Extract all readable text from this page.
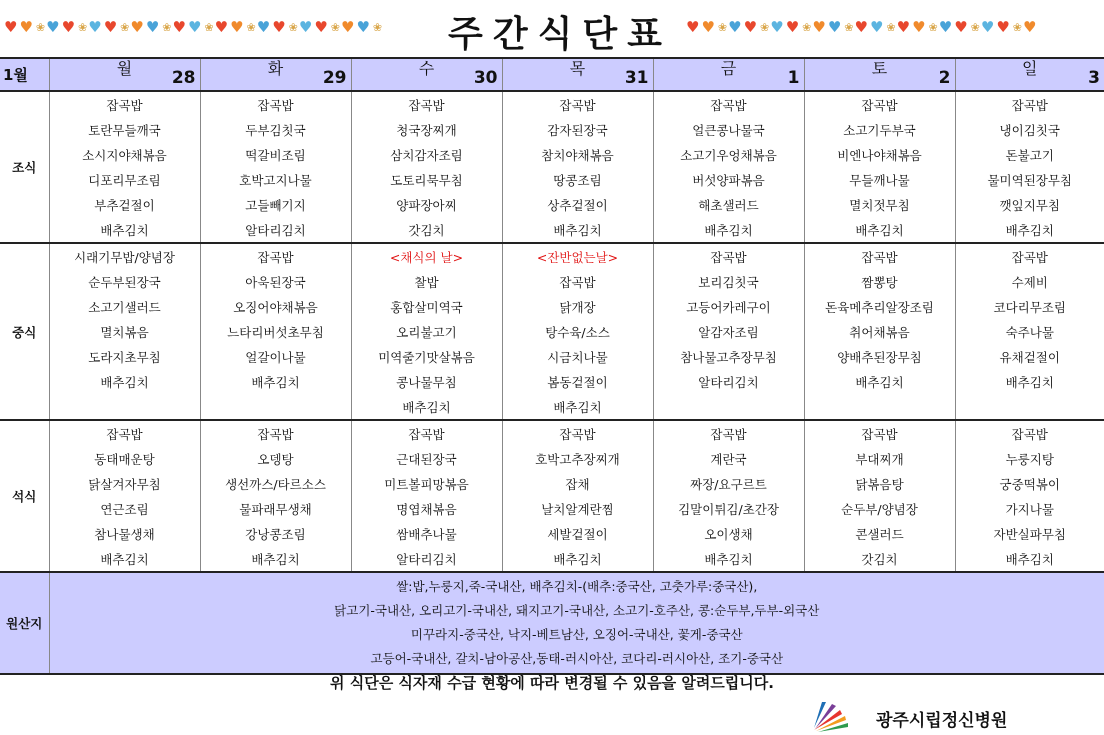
♥ ♥ ❀ ♥ ♥ ❀ ♥ ♥ ❀ ♥ ♥ ❀ ♥ ♥ ❀ ♥ ♥ ❀ ♥ ♥ ❀ ♥ ♥ ❀ ♥ ♥ ❀ 주간식단표 ♥ ♥ ❀ ♥ ♥ ❀ ♥ ♥ ❀ ♥ ♥ ❀ ♥ ♥ ❀ ♥ ♥ ❀ ♥ ♥ ❀ ♥ ♥ ❀ ♥
1월	월 28	화 29	수 30	목 31	금 1	토 2	일 3

조식	잡곡밥	잡곡밥	잡곡밥	잡곡밥	잡곡밥	잡곡밥	잡곡밥
	토란무들깨국	두부김칫국	청국장찌개	감자된장국	얼큰콩나물국	소고기두부국	냉이김칫국
	소시지야채볶음	떡갈비조림	삼치감자조림	참치야채볶음	소고기우엉채볶음	비엔나야채볶음	돈불고기
	디포리무조림	호박고지나물	도토리묵무침	땅콩조림	버섯양파볶음	무들깨나물	물미역된장무침
	부추겉절이	고들빼기지	양파장아찌	상추겉절이	해초샐러드	멸치젓무침	깻잎지무침
	배추김치	알타리김치	갓김치	배추김치	배추김치	배추김치	배추김치
중식	시래기무밥/양념장	잡곡밥	<채식의 날>	<잔반없는날>	잡곡밥	잡곡밥	잡곡밥
	순두부된장국	아욱된장국	찰밥	잡곡밥	보리김칫국	짬뽕탕	수제비
	소고기샐러드	오징어야채볶음	홍합살미역국	닭개장	고등어카레구이	돈육메추리알장조림	코다리무조림
	멸치볶음	느타리버섯초무침	오리불고기	탕수육/소스	알감자조림	취어채볶음	숙주나물
	도라지초무침	얼갈이나물	미역줄기맛살볶음	시금치나물	참나물고추장무침	양배추된장무침	유채겉절이
	배추김치	배추김치	콩나물무침	봄동겉절이	알타리김치	배추김치	배추김치
			배추김치	배추김치			
석식	잡곡밥	잡곡밥	잡곡밥	잡곡밥	잡곡밥	잡곡밥	잡곡밥
	동태매운탕	오뎅탕	근대된장국	호박고추장찌개	계란국	부대찌개	누룽지탕
	닭살겨자무침	생선까스/타르소스	미트볼피망볶음	잡채	짜장/요구르트	닭볶음탕	궁중떡볶이
	연근조림	물파래무생채	명엽채볶음	날치알계란찜	김말이튀김/초간장	순두부/양념장	가지나물
	참나물생채	강낭콩조림	쌈배추나물	세발겉절이	오이생채	콘샐러드	자반실파무침
	배추김치	배추김치	알타리김치	배추김치	배추김치	갓김치	배추김치
원산지	쌀:밥,누룽지,죽-국내산, 배추김치-(배추:중국산, 고춧가루:중국산),
닭고기-국내산, 오리고기-국내산, 돼지고기-국내산, 소고기-호주산, 콩:순두부,두부-외국산
미꾸라지-중국산, 낙지-베트남산, 오징어-국내산, 꽃게-중국산
고등어-국내산, 갈치-남아공산,동태-러시아산, 코다리-러시아산, 조기-중국산						
위 식단은 식자재 수급 현황에 따라 변경될 수 있음을 알려드립니다.
광주시립정신병원
